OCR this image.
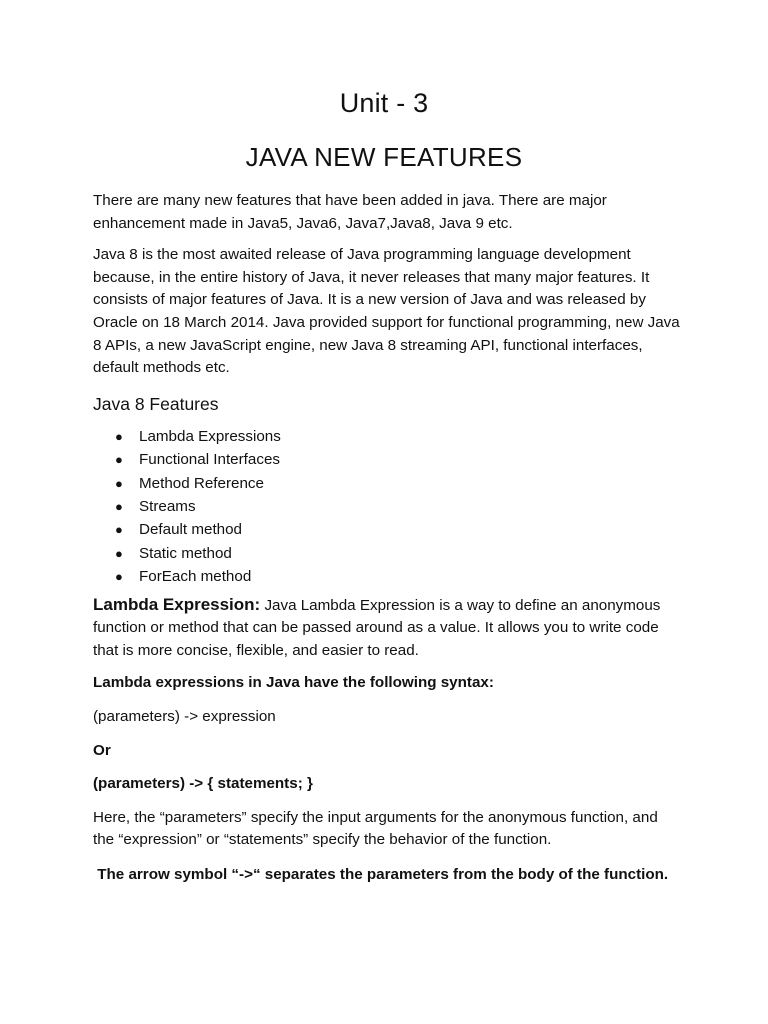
Unit - 3
JAVA NEW FEATURES

There are many new features that have been added in java. There are major enhancement made in Java5, Java6, Java7,Java8, Java 9 etc.

Java 8 is the most awaited release of Java programming language development because, in the entire history of Java, it never releases that many major features. It consists of major features of Java. It is a new version of Java and was released by Oracle on 18 March 2014. Java provided support for functional programming, new Java 8 APIs, a new JavaScript engine, new Java 8 streaming API, functional interfaces, default methods etc.

Java 8 Features
● Lambda Expressions
● Functional Interfaces
● Method Reference
● Streams
● Default method
● Static method
● ForEach method

Lambda Expression: Java Lambda Expression is a way to define an anonymous function or method that can be passed around as a value. It allows you to write code that is more concise, flexible, and easier to read.

Lambda expressions in Java have the following syntax:

(parameters) -> expression

Or

(parameters) -> { statements; }

Here, the “parameters” specify the input arguments for the anonymous function, and the “expression” or “statements” specify the behavior of the function.

The arrow symbol “->“ separates the parameters from the body of the function.
